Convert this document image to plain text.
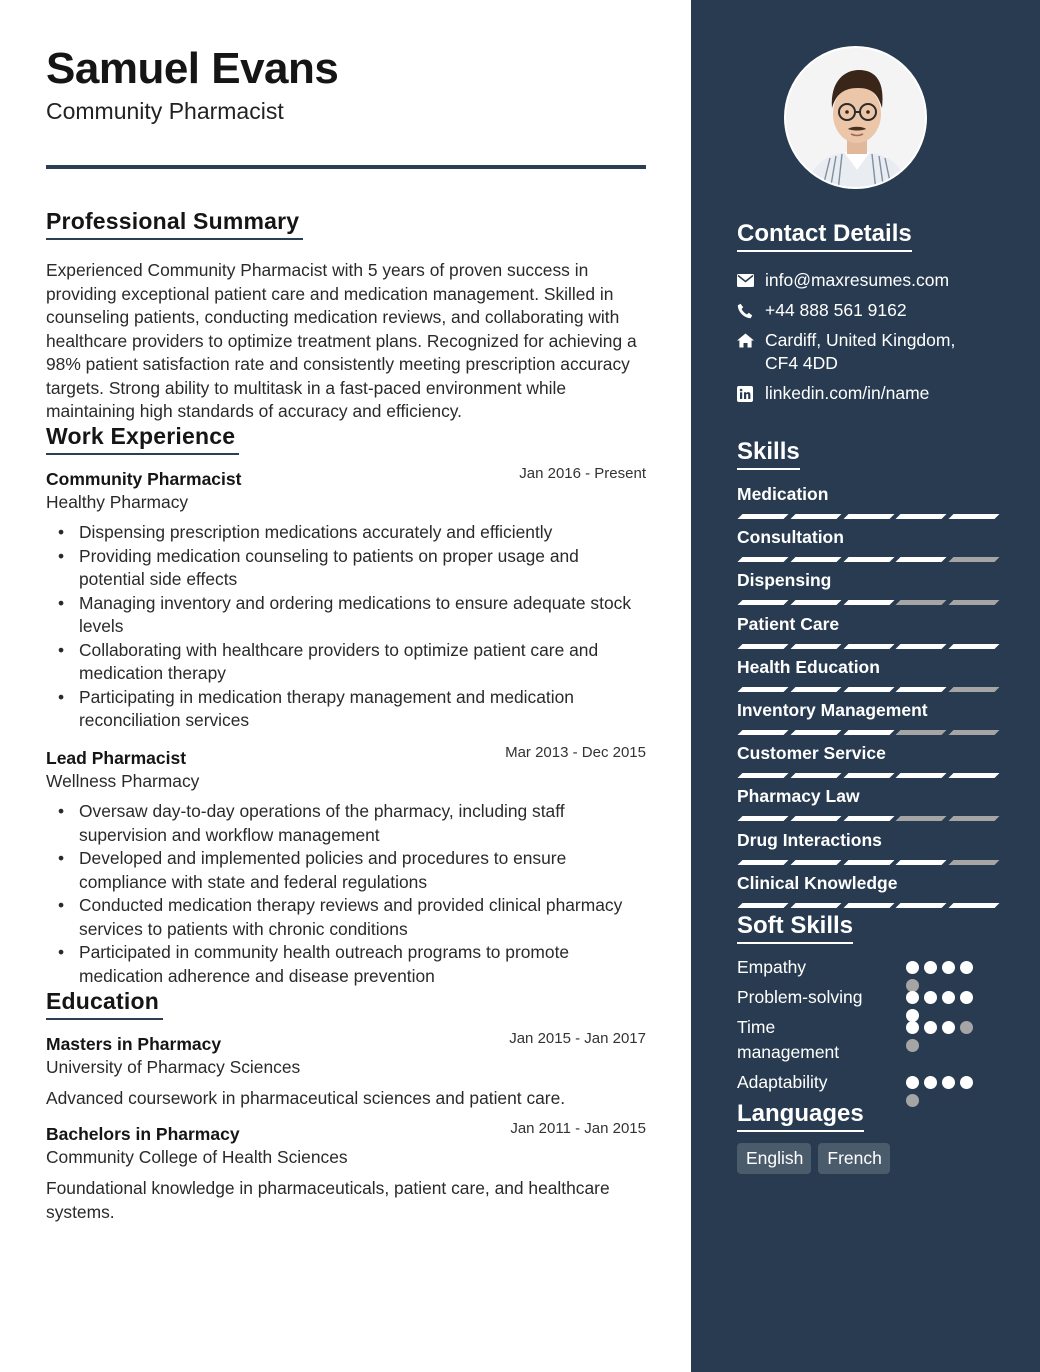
Samuel Evans
Community Pharmacist
Professional Summary
Experienced Community Pharmacist with 5 years of proven success in providing exceptional patient care and medication management. Skilled in counseling patients, conducting medication reviews, and collaborating with healthcare providers to optimize treatment plans. Recognized for achieving a 98% patient satisfaction rate and consistently meeting prescription accuracy targets. Strong ability to multitask in a fast-paced environment while maintaining high standards of accuracy and efficiency.
Work Experience
Jan 2016 - Present
Community Pharmacist
Healthy Pharmacy
• Dispensing prescription medications accurately and efficiently
• Providing medication counseling to patients on proper usage and potential side effects
• Managing inventory and ordering medications to ensure adequate stock levels
• Collaborating with healthcare providers to optimize patient care and medication therapy
• Participating in medication therapy management and medication reconciliation services
Mar 2013 - Dec 2015
Lead Pharmacist
Wellness Pharmacy
• Oversaw day-to-day operations of the pharmacy, including staff supervision and workflow management
• Developed and implemented policies and procedures to ensure compliance with state and federal regulations
• Conducted medication therapy reviews and provided clinical pharmacy services to patients with chronic conditions
• Participated in community health outreach programs to promote medication adherence and disease prevention
Education
Jan 2015 - Jan 2017
Masters in Pharmacy
University of Pharmacy Sciences
Advanced coursework in pharmaceutical sciences and patient care.
Jan 2011 - Jan 2015
Bachelors in Pharmacy
Community College of Health Sciences
Foundational knowledge in pharmaceuticals, patient care, and healthcare systems.
Contact Details
info@maxresumes.com
+44 888 561 9162
Cardiff, United Kingdom,
CF4 4DD
linkedin.com/in/name
Skills
Medication
Consultation
Dispensing
Patient Care
Health Education
Inventory Management
Customer Service
Pharmacy Law
Drug Interactions
Clinical Knowledge
Soft Skills
Empathy
Problem-solving
Time management
Adaptability
Languages
English	French
